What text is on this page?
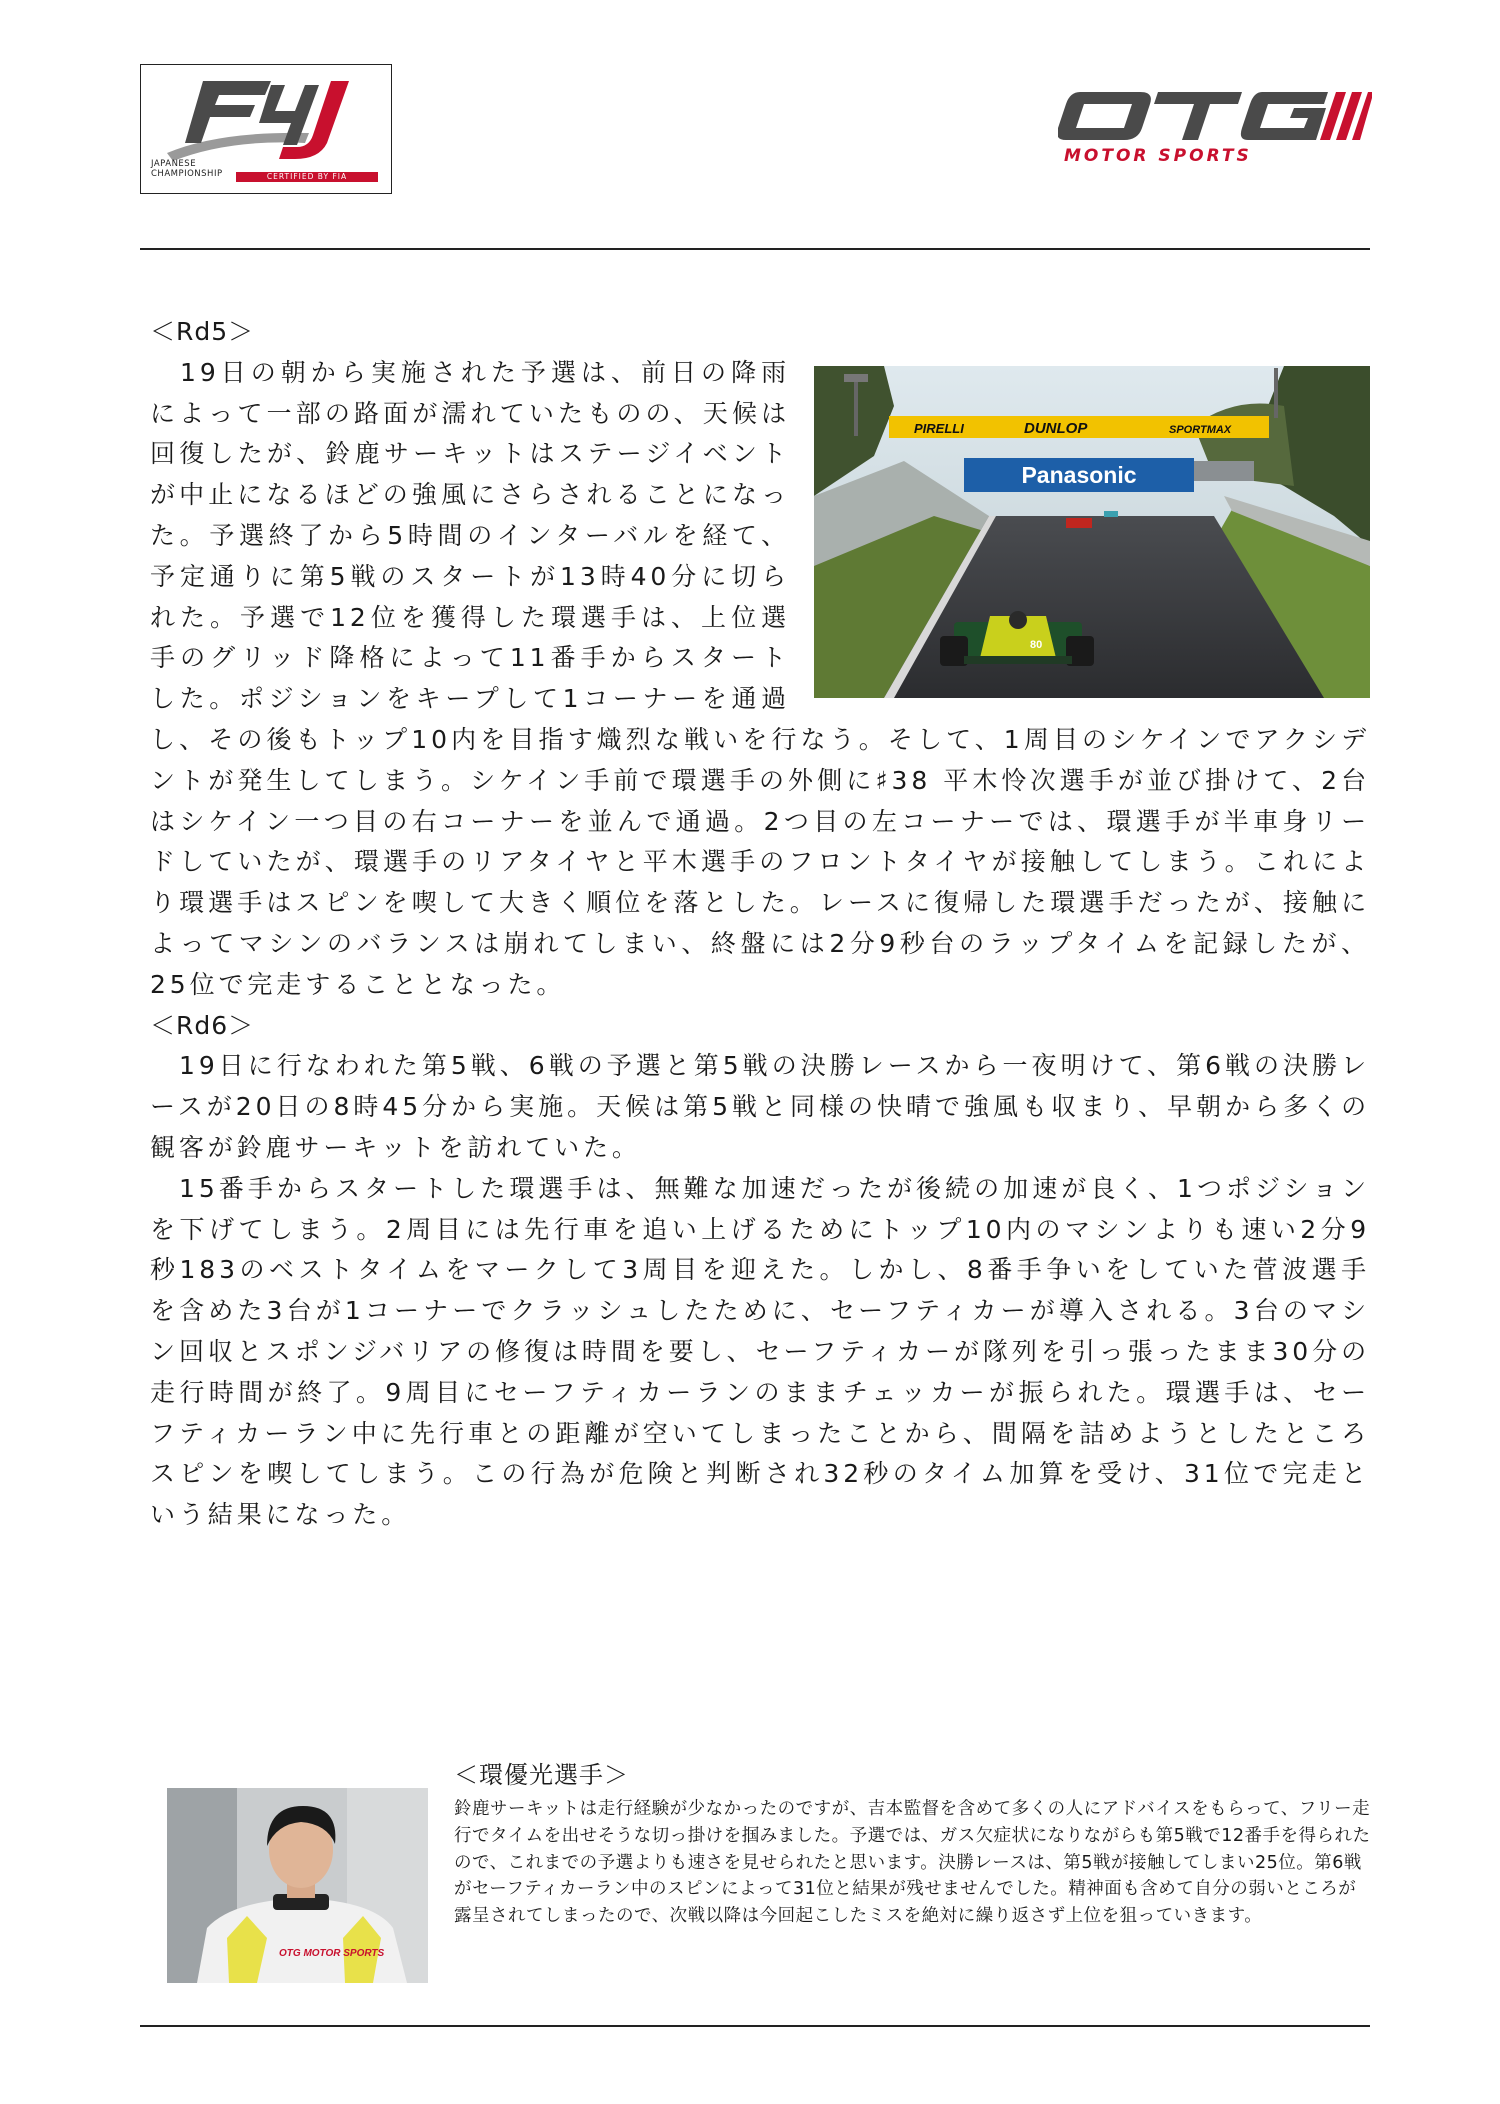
JAPANESE
CHAMPIONSHIP	CERTIFIED BY FIA
MOTOR SPORTS
PIRELLI	DUNLOP	SPORTMAX
Panasonic
80

＜Rd5＞

　19日の朝から実施された予選は、前日の降雨によって一部の路面が濡れていたものの、天候は回復したが、鈴鹿サーキットはステージイベントが中止になるほどの強風にさらされることになった。予選終了から5時間のインターバルを経て、予定通りに第5戦のスタートが13時40分に切られた。予選で12位を獲得した環選手は、上位選手のグリッド降格によって11番手からスタートした。ポジションをキープして1コーナーを通過し、その後もトップ10内を目指す熾烈な戦いを行なう。そして、1周目のシケインでアクシデントが発生してしまう。シケイン手前で環選手の外側に♯38 平木怜次選手が並び掛けて、2台はシケイン一つ目の右コーナーを並んで通過。2つ目の左コーナーでは、環選手が半車身リードしていたが、環選手のリアタイヤと平木選手のフロントタイヤが接触してしまう。これにより環選手はスピンを喫して大きく順位を落とした。レースに復帰した環選手だったが、接触によってマシンのバランスは崩れてしまい、終盤には2分9秒台のラップタイムを記録したが、25位で完走することとなった。

＜Rd6＞

　19日に行なわれた第5戦、6戦の予選と第5戦の決勝レースから一夜明けて、第6戦の決勝レースが20日の8時45分から実施。天候は第5戦と同様の快晴で強風も収まり、早朝から多くの観客が鈴鹿サーキットを訪れていた。

　15番手からスタートした環選手は、無難な加速だったが後続の加速が良く、1つポジションを下げてしまう。2周目には先行車を追い上げるためにトップ10内のマシンよりも速い2分9秒183のベストタイムをマークして3周目を迎えた。しかし、8番手争いをしていた菅波選手を含めた3台が1コーナーでクラッシュしたために、セーフティカーが導入される。3台のマシン回収とスポンジバリアの修復は時間を要し、セーフティカーが隊列を引っ張ったまま30分の走行時間が終了。9周目にセーフティカーランのままチェッカーが振られた。環選手は、セーフティカーラン中に先行車との距離が空いてしまったことから、間隔を詰めようとしたところスピンを喫してしまう。この行為が危険と判断され32秒のタイム加算を受け、31位で完走という結果になった。

OTG MOTOR SPORTS
＜環優光選手＞

鈴鹿サーキットは走行経験が少なかったのですが、吉本監督を含めて多くの人にアドバイスをもらって、フリー走行でタイムを出せそうな切っ掛けを掴みました。予選では、ガス欠症状になりながらも第5戦で12番手を得られたので、これまでの予選よりも速さを見せられたと思います。決勝レースは、第5戦が接触してしまい25位。第6戦がセーフティカーラン中のスピンによって31位と結果が残せませんでした。精神面も含めて自分の弱いところが露呈されてしまったので、次戦以降は今回起こしたミスを絶対に繰り返さず上位を狙っていきます。
